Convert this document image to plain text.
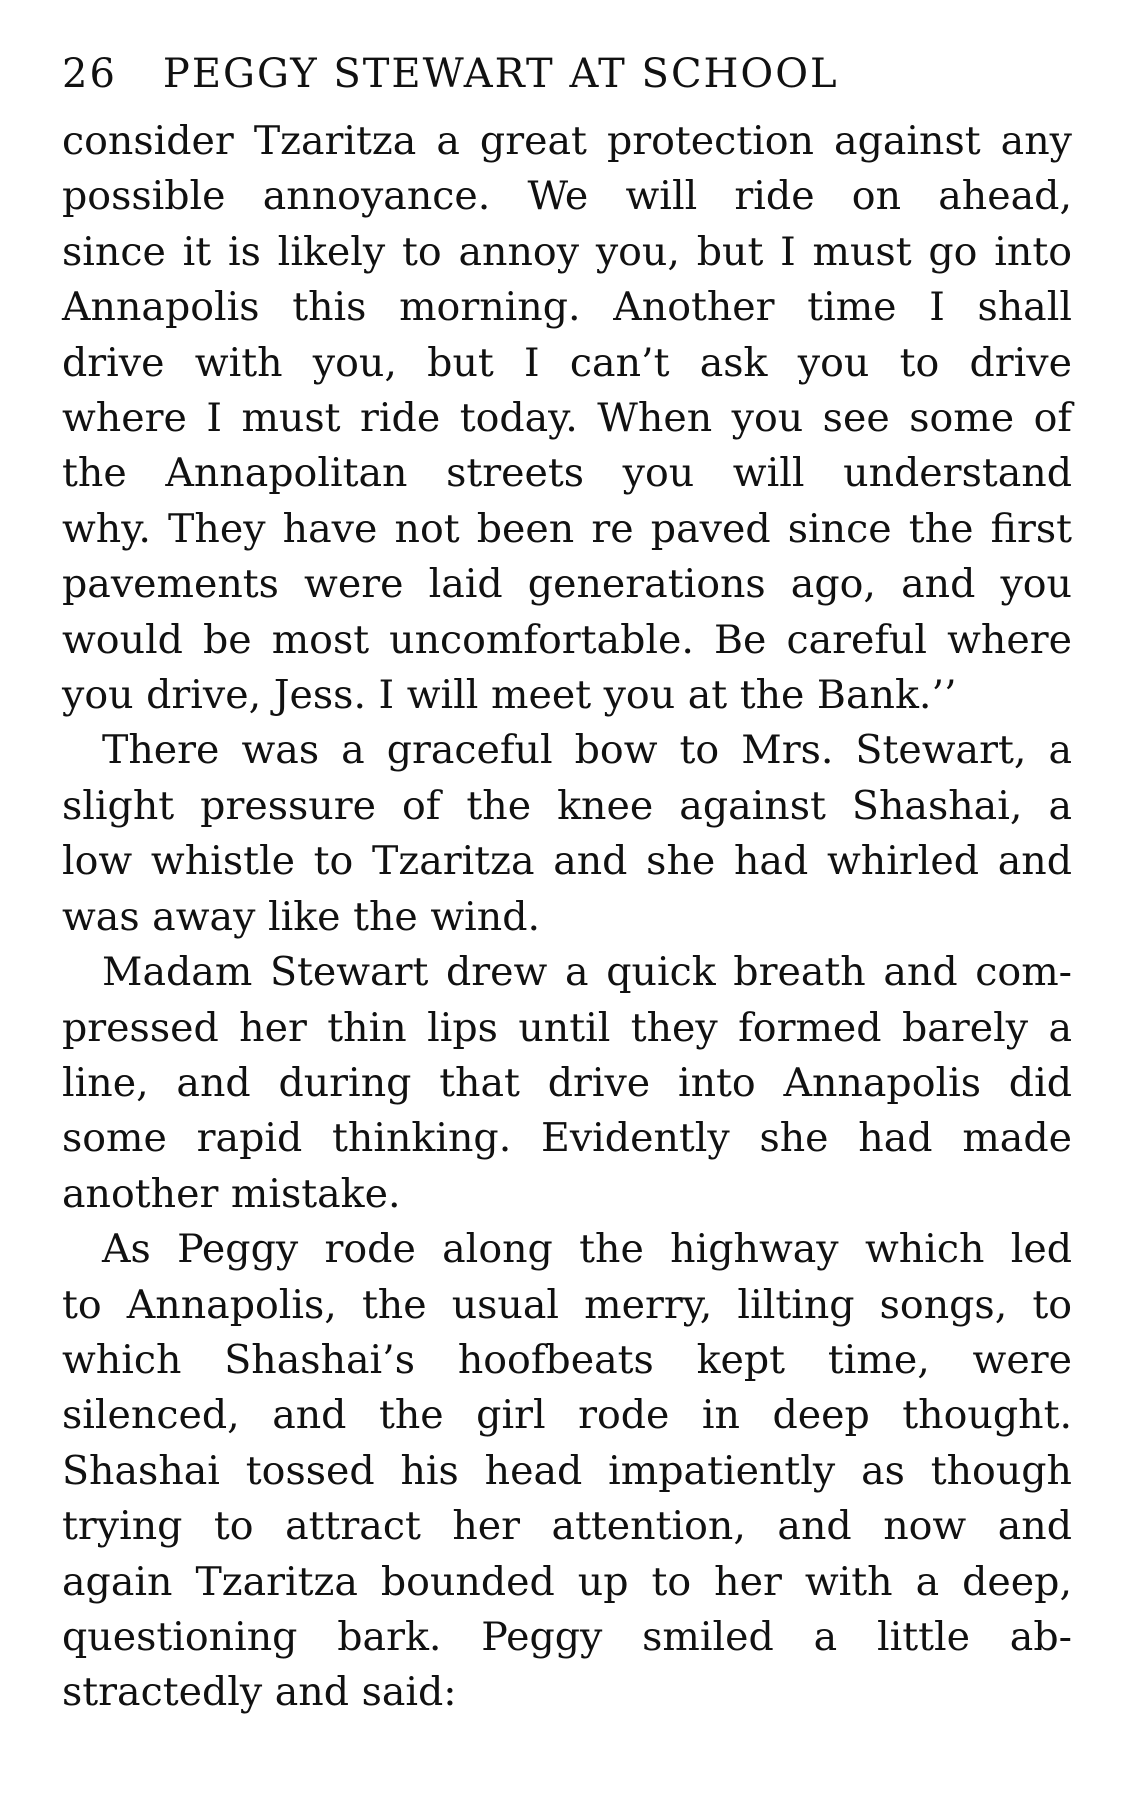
26 PEGGY STEWART AT SCHOOL
consider Tzaritza a great protection against any
possible annoyance. We will ride on ahead,
since it is likely to annoy you, but I must go into
Annapolis this morning. Another time I shall
drive with you, but I can’t ask you to drive
where I must ride today. When you see some of
the Annapolitan streets you will understand
why. They have not been re paved since the first
pavements were laid generations ago, and you
would be most uncomfortable. Be careful where
you drive, Jess. I will meet you at the Bank.’’
There was a graceful bow to Mrs. Stewart, a
slight pressure of the knee against Shashai, a
low whistle to Tzaritza and she had whirled and
was away like the wind.
Madam Stewart drew a quick breath and com-
pressed her thin lips until they formed barely a
line, and during that drive into Annapolis did
some rapid thinking. Evidently she had made
another mistake.
As Peggy rode along the highway which led
to Annapolis, the usual merry, lilting songs, to
which Shashai’s hoofbeats kept time, were
silenced, and the girl rode in deep thought.
Shashai tossed his head impatiently as though
trying to attract her attention, and now and
again Tzaritza bounded up to her with a deep,
questioning bark. Peggy smiled a little ab-
stractedly and said:
